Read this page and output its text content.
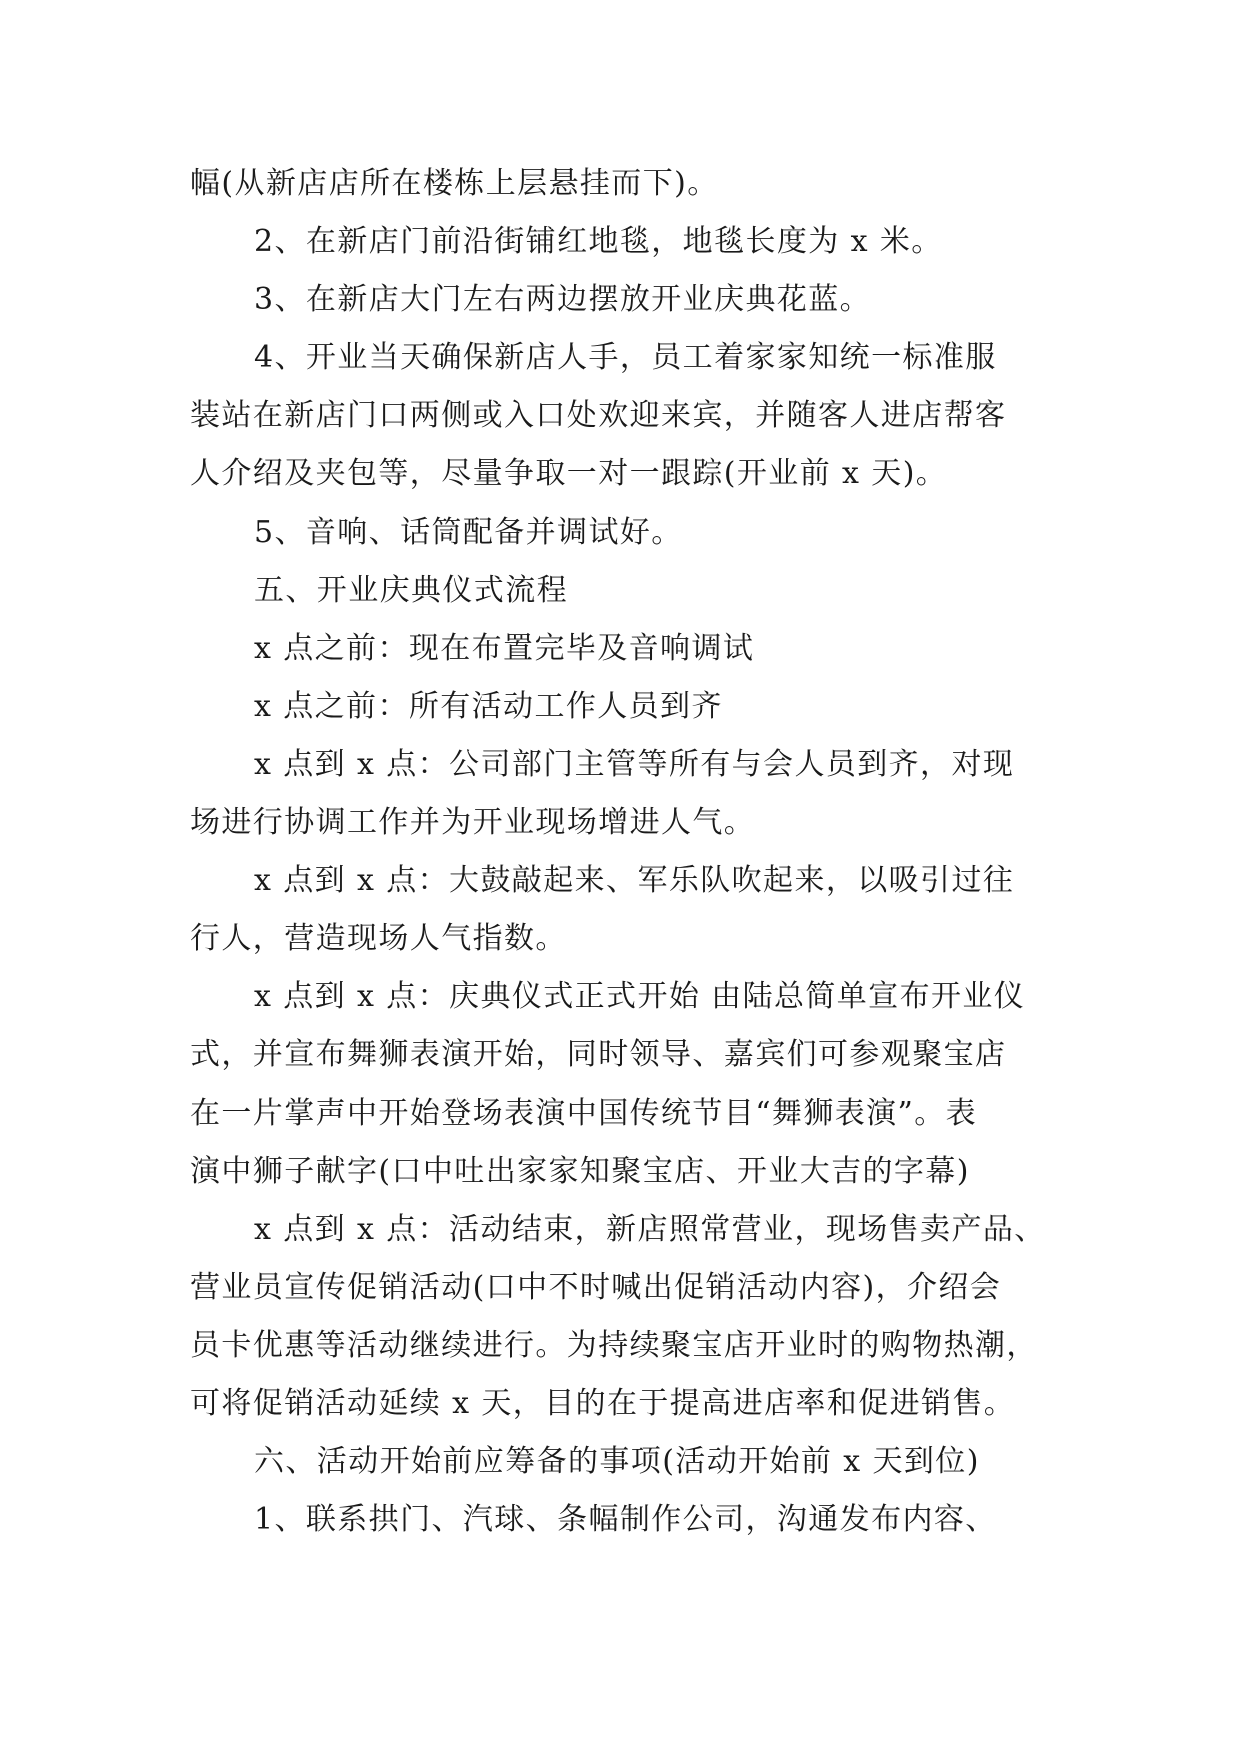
幅(从新店店所在楼栋上层悬挂而下)。
2、在新店门前沿街铺红地毯，地毯长度为 x 米。
3、在新店大门左右两边摆放开业庆典花蓝。
4、开业当天确保新店人手，员工着家家知统一标准服
装站在新店门口两侧或入口处欢迎来宾，并随客人进店帮客
人介绍及夹包等，尽量争取一对一跟踪(开业前 x 天)。
5、音响、话筒配备并调试好。
五、开业庆典仪式流程
x 点之前：现在布置完毕及音响调试
x 点之前：所有活动工作人员到齐
x 点到 x 点：公司部门主管等所有与会人员到齐，对现
场进行协调工作并为开业现场增进人气。
x 点到 x 点：大鼓敲起来、军乐队吹起来，以吸引过往
行人，营造现场人气指数。
x 点到 x 点：庆典仪式正式开始 由陆总简单宣布开业仪
式，并宣布舞狮表演开始，同时领导、嘉宾们可参观聚宝店
在一片掌声中开始登场表演中国传统节目“舞狮表演”。表
演中狮子献字(口中吐出家家知聚宝店、开业大吉的字幕)
x 点到 x 点：活动结束，新店照常营业，现场售卖产品、
营业员宣传促销活动(口中不时喊出促销活动内容)，介绍会
员卡优惠等活动继续进行。为持续聚宝店开业时的购物热潮，
可将促销活动延续 x 天，目的在于提高进店率和促进销售。
六、活动开始前应筹备的事项(活动开始前 x 天到位)
1、联系拱门、汽球、条幅制作公司，沟通发布内容、
